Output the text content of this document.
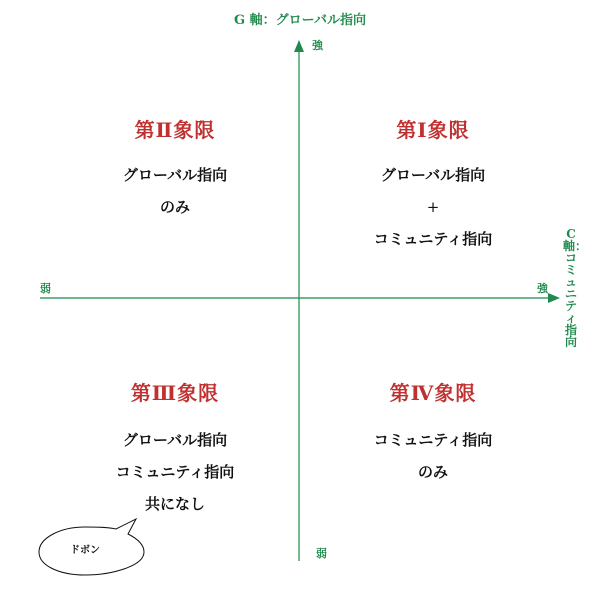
G 軸：グローバル指向
C軸：コミュニティ指向
強
弱
弱	強
第Ⅱ象限
グローバル指向
のみ
第Ⅰ象限
グローバル指向
+
コミュニティ指向
第Ⅲ象限
グローバル指向
コミュニティ指向
共になし
第Ⅳ象限
コミュニティ指向
のみ
ドボン
